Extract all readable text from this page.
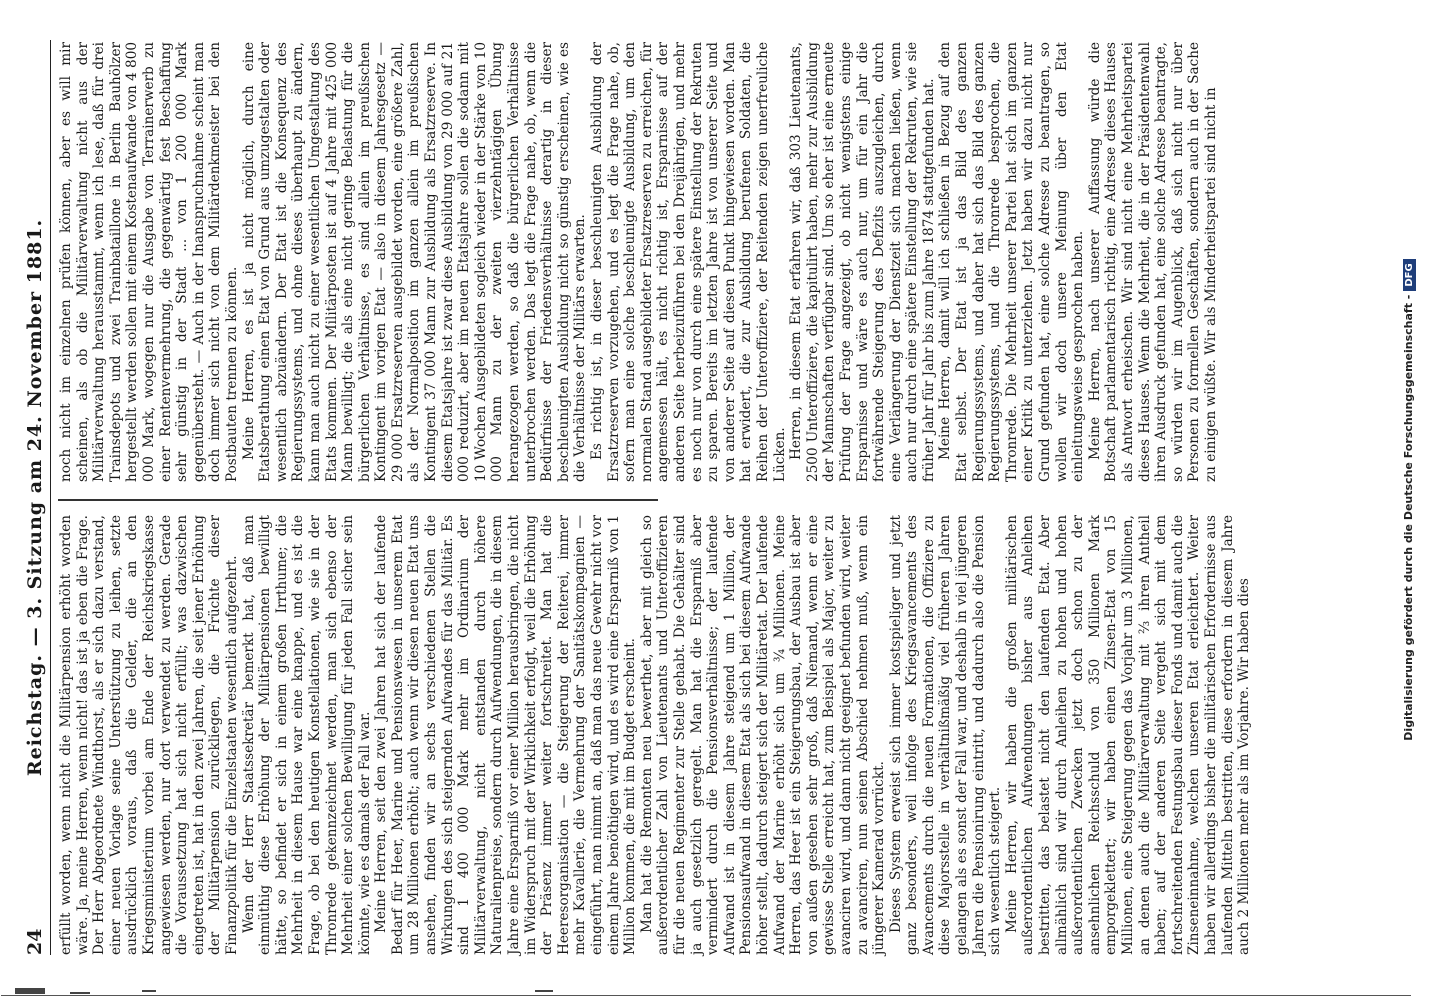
24
Reichstag. — 3. Sitzung am 24. November 1881. erfüllt worden, wenn nicht die Militärpension erhöht worden wäre. Ja, meine Herren, wenn nicht! das ist ja eben die Frage. Der Herr Abgeordnete Windthorst, als er sich dazu verstand, einer neuen Vorlage seine Unterstützung zu leihen, setzte ausdrücklich voraus, daß die Gelder, die an den Kriegsministerium vorbei am Ende der Reichskriegskasse angewiesen werden, nur dort verwendet zu werden. Gerade die Voraussetzung hat sich nicht erfüllt; was dazwischen eingetreten ist, hat in den zwei Jahren, die seit jener Erhöhung der Militärpension zurückliegen, die Früchte dieser Finanzpolitik für die Einzelstaaten wesentlich aufgezehrt. Wenn der Herr Staatssekretär bemerkt hat, daß man einmüthig diese Erhöhung der Militärpensionen bewilligt hätte, so befindet er sich in einem großen Irrthume; die Mehrheit in diesem Hause war eine knappe, und es ist die Frage, ob bei den heutigen Konstellationen, wie sie in der Thronrede gekennzeichnet werden, man sich ebenso der Mehrheit einer solchen Bewilligung für jeden Fall sicher sein könnte, wie es damals der Fall war. Meine Herren, seit den zwei Jahren hat sich der laufende Bedarf für Heer, Marine und Pensionswesen in unserem Etat um 28 Millionen erhöht; auch wenn wir diesen neuen Etat uns ansehen, finden wir an sechs verschiedenen Stellen die Wirkungen des sich steigernden Aufwandes für das Militär. Es sind 1 400 000 Mark mehr im Ordinarium der Militärverwaltung, nicht entstanden durch höhere Naturalienpreise, sondern durch Aufwendungen, die in diesem Jahre eine Ersparniß vor einer Million herausbringen, die nicht im Widerspruch mit der Wirklichkeit erfolgt, weil die Erhöhung der Präsenz immer weiter fortschreitet. Man hat die Heeresorganisation — die Steigerung der Reiterei, immer mehr Kavallerie, die Vermehrung der Sanitätskompagnien — eingeführt, man nimmt an, daß man das neue Gewehr nicht vor einem Jahre benöthigen wird, und es wird eine Ersparniß von 1 Million kommen, die mit im Budget erscheint. Man hat die Remonten neu bewerthet, aber mit gleich so außerordentlicher Zahl von Lieutenants und Unteroffizieren für die neuen Regimenter zur Stelle gehabt. Die Gehälter sind ja auch gesetzlich geregelt. Man hat die Ersparniß aber vermindert durch die Pensionsverhältnisse; der laufende Aufwand ist in diesem Jahre steigend um 1 Million, der Pensionsaufwand in diesem Etat als sich bei diesem Aufwande höher stellt, dadurch steigert sich der Militäretat. Der laufende Aufwand der Marine erhöht sich um ¾ Millionen. Meine Herren, das Heer ist ein Steigerungsbau, der Ausbau ist aber von außen gesehen sehr groß, daß Niemand, wenn er eine gewisse Stelle erreicht hat, zum Beispiel als Major, weiter zu avanciren wird, und dann nicht geeignet befunden wird, weiter zu avanciren, nun seinen Abschied nehmen muß, wenn ein jüngerer Kamerad vorrückt. Dieses System erweist sich immer kostspieliger und jetzt ganz besonders, weil infolge des Kriegsavancements des Avancements durch die neuen Formationen, die Offiziere zu diese Majorsstelle in verhältnißmäßig viel früheren Jahren gelangen als es sonst der Fall war, und deshalb in viel jüngeren Jahren die Pensionirung eintritt, und dadurch also die Pension sich wesentlich steigert. Meine Herren, wir haben die großen militärischen außerordentlichen Aufwendungen bisher aus Anleihen bestritten, das belastet nicht den laufenden Etat. Aber allmählich sind wir durch Anleihen zu hohen und hohen außerordentlichen Zwecken jetzt doch schon zu der ansehnlichen Reichsschuld von 350 Millionen Mark emporgeklettert; wir haben einen Zinsen-Etat von 15 Millionen, eine Steigerung gegen das Vorjahr um 3 Millionen, an denen auch die Militärverwaltung mit ⅔ ihren Antheil haben; auf der anderen Seite vergeht sich mit dem fortschreitenden Festungsbau dieser Fonds und damit auch die Zinseneinnahme, welchen unseren Etat erleichtert. Weiter haben wir allerdings bisher die militärischen Erfordernisse aus laufenden Mitteln bestritten, diese erfordern in diesem Jahre auch 2 Millionen mehr als im Vorjahre. Wir haben dies

noch nicht im einzelnen prüfen können, aber es will mir scheinen, als ob die Militärverwaltung nicht aus der Militärverwaltung herausstammt, wenn ich lese, daß für drei Trainsdepots und zwei Trainbataillone in Berlin Bauhölzer hergestellt werden sollen mit einem Kostenaufwande von 4 800 000 Mark, wogegen nur die Ausgabe von Terrainerwerb zu einer Rentenvermehrung, die gegenwärtig fest Beschaffung sehr günstig in der Stadt ... von 1 200 000 Mark gegenübersteht. — Auch in der Inanspruchnahme scheint man doch immer sich nicht von dem Militärdenkmeister bei den Postbauten trennen zu können. Meine Herren, es ist ja nicht möglich, durch eine Etatsberathung einen Etat von Grund aus umzugestalten oder wesentlich abzuändern. Der Etat ist die Konsequenz des Regierungssystems, und ohne dieses überhaupt zu ändern, kann man auch nicht zu einer wesentlichen Umgestaltung des Etats kommen. Der Militärposten ist auf 4 Jahre mit 425 000 Mann bewilligt; die als eine nicht geringe Belastung für die bürgerlichen Verhältnisse, es sind allein im preußischen Kontingent im vorigen Etat — also in diesem Jahresgesetz — 29 000 Ersatzreserven ausgebildet worden, eine größere Zahl, als der Normalposition im ganzen allein im preußischen Kontingent 37 000 Mann zur Ausbildung als Ersatzreserve. In diesem Etatsjahre ist zwar diese Ausbildung von 29 000 auf 21 000 reduzirt, aber im neuen Etatsjahre sollen die sodann mit 10 Wochen Ausgebildeten sogleich wieder in der Stärke von 10 000 Mann zu der zweiten vierzehntägigen Übung herangezogen werden, so daß die bürgerlichen Verhältnisse unterbrochen werden. Das legt die Frage nahe, ob, wenn die Bedürfnisse der Friedensverhältnisse derartig in dieser beschleunigten Ausbildung nicht so günstig erscheinen, wie es die Verhältnisse der Militärs erwarten. Es richtig ist, in dieser beschleunigten Ausbildung der Ersatzreserven vorzugehen, und es legt die Frage nahe, ob, sofern man eine solche beschleunigte Ausbildung, um den normalen Stand ausgebildeter Ersatzreserven zu erreichen, für angemessen hält, es nicht richtig ist, Ersparnisse auf der anderen Seite herbeizuführen bei den Dreijährigen, und mehr es noch nur von durch eine spätere Einstellung der Rekruten zu sparen. Bereits im letzten Jahre ist von unserer Seite und von anderer Seite auf diesen Punkt hingewiesen worden. Man hat erwidert, die zur Ausbildung berufenen Soldaten, die Reihen der Unteroffiziere, der Reitenden zeigen unerfreuliche Lücken. Herren, in diesem Etat erfahren wir, daß 303 Lieutenants, 2500 Unteroffiziere, die kapitulirt haben, mehr zur Ausbildung der Mannschaften verfügbar sind. Um so eher ist eine erneute Prüfung der Frage angezeigt, ob nicht wenigstens einige Ersparnisse und wäre es auch nur, um für ein Jahr die fortwährende Steigerung des Defizits auszugleichen, durch eine Verlängerung der Dienstzeit sich machen ließen, wenn auch nur durch eine spätere Einstellung der Rekruten, wie sie früher Jahr für Jahr bis zum Jahre 1874 stattgefunden hat. Meine Herren, damit will ich schließen in Bezug auf den Etat selbst. Der Etat ist ja das Bild des ganzen Regierungssystems, und daher hat sich das Bild des ganzen Regierungssystems, und die Thronrede besprochen, die Thronrede. Die Mehrheit unserer Partei hat sich im ganzen einer Kritik zu unterziehen. Jetzt haben wir dazu nicht nur Grund gefunden hat, eine solche Adresse zu beantragen, so wollen wir doch unsere Meinung über den Etat einleitungsweise gesprochen haben. Meine Herren, nach unserer Auffassung würde die Botschaft parlamentarisch richtig, eine Adresse dieses Hauses als Antwort erheischen. Wir sind nicht eine Mehrheitspartei dieses Hauses. Wenn die Mehrheit, die in der Präsidentenwahl ihren Ausdruck gefunden hat, eine solche Adresse beantragte, so würden wir im Augenblick, daß sich nicht nur über Personen zu formellen Geschäften, sondern auch in der Sache zu einigen wüßte. Wir als Minderheitspartei sind nicht in

Digitalisierung gefördert durch die Deutsche Forschungsgemeinschaft -DFG
